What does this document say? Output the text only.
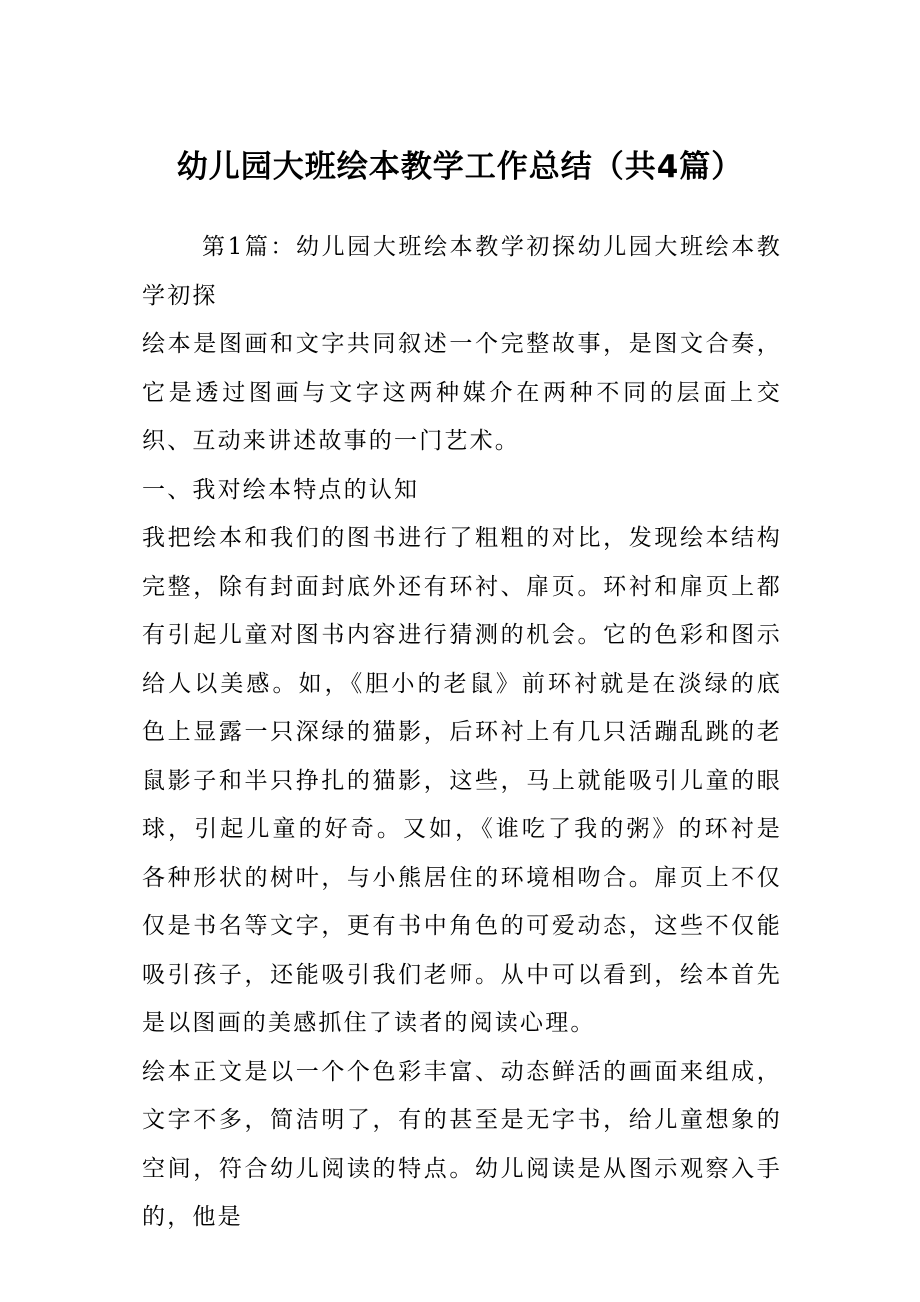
幼儿园大班绘本教学工作总结（共4篇）

第1篇：幼儿园大班绘本教学初探幼儿园大班绘本教学初探

绘本是图画和文字共同叙述一个完整故事，是图文合奏，它是透过图画与文字这两种媒介在两种不同的层面上交织、互动来讲述故事的一门艺术。

一、我对绘本特点的认知

我把绘本和我们的图书进行了粗粗的对比，发现绘本结构完整，除有封面封底外还有环衬、扉页。环衬和扉页上都有引起儿童对图书内容进行猜测的机会。它的色彩和图示给人以美感。如，《胆小的老鼠》前环衬就是在淡绿的底色上显露一只深绿的猫影，后环衬上有几只活蹦乱跳的老鼠影子和半只挣扎的猫影，这些，马上就能吸引儿童的眼球，引起儿童的好奇。又如，《谁吃了我的粥》的环衬是各种形状的树叶，与小熊居住的环境相吻合。扉页上不仅仅是书名等文字，更有书中角色的可爱动态，这些不仅能吸引孩子，还能吸引我们老师。从中可以看到，绘本首先是以图画的美感抓住了读者的阅读心理。

绘本正文是以一个个色彩丰富、动态鲜活的画面来组成，文字不多，简洁明了，有的甚至是无字书，给儿童想象的空间，符合幼儿阅读的特点。幼儿阅读是从图示观察入手的，他是
